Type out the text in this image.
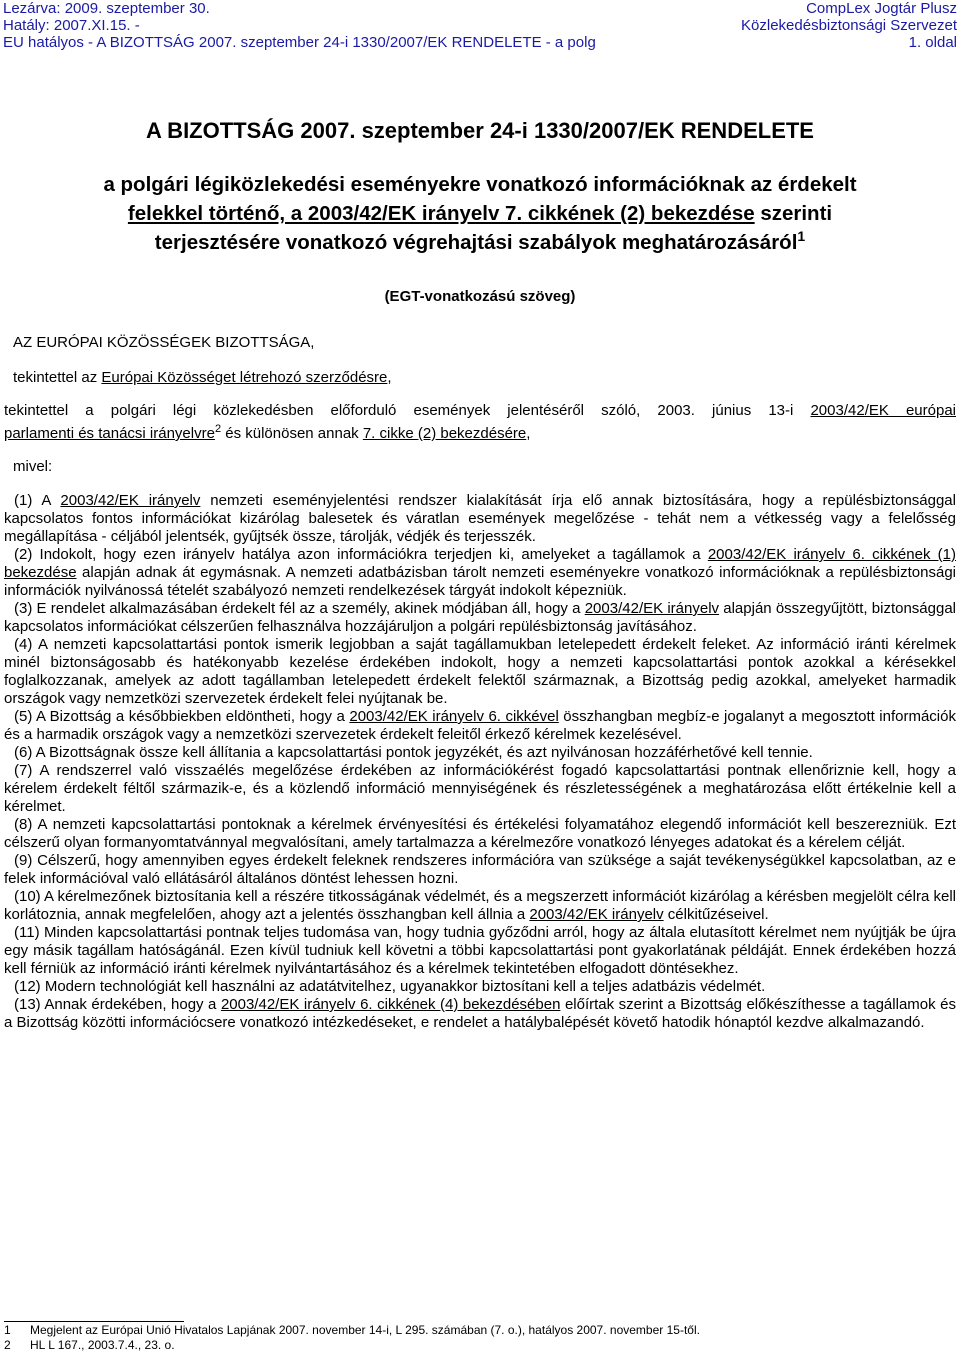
Lezárva: 2009. szeptember 30.
Hatály: 2007.XI.15. -
EU hatályos - A BIZOTTSÁG 2007. szeptember 24-i 1330/2007/EK RENDELETE - a polg
CompLex Jogtár Plusz
Közlekedésbiztonsági Szervezet
1. oldal
A BIZOTTSÁG 2007. szeptember 24-i 1330/2007/EK RENDELETE
a polgári légiközlekedési eseményekre vonatkozó információknak az érdekelt
felekkel történő, a 2003/42/EK irányelv 7. cikkének (2) bekezdése szerinti
terjesztésére vonatkozó végrehajtási szabályok meghatározásáról$^1$
(EGT-vonatkozású szöveg)
AZ EURÓPAI KÖZÖSSÉGEK BIZOTTSÁGA,
tekintettel az Európai Közösséget létrehozó szerződésre,
tekintettel a polgári légi közlekedésben előforduló események jelentéséről szóló, 2003. június 13-i 2003/42/EK európai
parlamenti és tanácsi irányelvre$^2$ és különösen annak 7. cikke (2) bekezdésére,
mivel:

(1) A 2003/42/EK irányelv nemzeti eseményjelentési rendszer kialakítását írja elő annak biztosítására, hogy a repülésbiztonsággal kapcsolatos fontos információkat kizárólag balesetek és váratlan események megelőzése - tehát nem a vétkesség vagy a felelősség megállapítása - céljából jelentsék, gyűjtsék össze, tárolják, védjék és terjesszék.

(2) Indokolt, hogy ezen irányelv hatálya azon információkra terjedjen ki, amelyeket a tagállamok a 2003/42/EK irányelv 6. cikkének (1) bekezdése alapján adnak át egymásnak. A nemzeti adatbázisban tárolt nemzeti eseményekre vonatkozó információknak a repülésbiztonsági információk nyilvánossá tételét szabályozó nemzeti rendelkezések tárgyát indokolt képezniük.

(3) E rendelet alkalmazásában érdekelt fél az a személy, akinek módjában áll, hogy a 2003/42/EK irányelv alapján összegyűjtött, biztonsággal kapcsolatos információkat célszerűen felhasználva hozzájáruljon a polgári repülésbiztonság javításához.

(4) A nemzeti kapcsolattartási pontok ismerik legjobban a saját tagállamukban letelepedett érdekelt feleket. Az információ iránti kérelmek minél biztonságosabb és hatékonyabb kezelése érdekében indokolt, hogy a nemzeti kapcsolattartási pontok azokkal a kérésekkel foglalkozzanak, amelyek az adott tagállamban letelepedett érdekelt felektől származnak, a Bizottság pedig azokkal, amelyeket harmadik országok vagy nemzetközi szervezetek érdekelt felei nyújtanak be.

(5) A Bizottság a későbbiekben eldöntheti, hogy a 2003/42/EK irányelv 6. cikkével összhangban megbíz-e jogalanyt a megosztott információk és a harmadik országok vagy a nemzetközi szervezetek érdekelt feleitől érkező kérelmek kezelésével.

(6) A Bizottságnak össze kell állítania a kapcsolattartási pontok jegyzékét, és azt nyilvánosan hozzáférhetővé kell tennie.

(7) A rendszerrel való visszaélés megelőzése érdekében az információkérést fogadó kapcsolattartási pontnak ellenőriznie kell, hogy a kérelem érdekelt féltől származik-e, és a közlendő információ mennyiségének és részletességének a meghatározása előtt értékelnie kell a kérelmet.

(8) A nemzeti kapcsolattartási pontoknak a kérelmek érvényesítési és értékelési folyamatához elegendő információt kell beszerezniük. Ezt célszerű olyan formanyomtatvánnyal megvalósítani, amely tartalmazza a kérelmezőre vonatkozó lényeges adatokat és a kérelem célját.

(9) Célszerű, hogy amennyiben egyes érdekelt feleknek rendszeres információra van szüksége a saját tevékenységükkel kapcsolatban, az e felek információval való ellátásáról általános döntést lehessen hozni.

(10) A kérelmezőnek biztosítania kell a részére titkosságának védelmét, és a megszerzett információt kizárólag a kérésben megjelölt célra kell korlátoznia, annak megfelelően, ahogy azt a jelentés összhangban kell állnia a 2003/42/EK irányelv célkitűzéseivel.

(11) Minden kapcsolattartási pontnak teljes tudomása van, hogy tudnia győződni arról, hogy az általa elutasított kérelmet nem nyújtják be újra egy másik tagállam hatóságánál. Ezen kívül tudniuk kell követni a többi kapcsolattartási pont gyakorlatának példáját. Ennek érdekében hozzá kell férniük az információ iránti kérelmek nyilvántartásához és a kérelmek tekintetében elfogadott döntésekhez.

(12) Modern technológiát kell használni az adatátvitelhez, ugyanakkor biztosítani kell a teljes adatbázis védelmét.

(13) Annak érdekében, hogy a 2003/42/EK irányelv 6. cikkének (4) bekezdésében előírtak szerint a Bizottság előkészíthesse a tagállamok és a Bizottság közötti információcsere vonatkozó intézkedéseket, e rendelet a hatálybalépését követő hatodik hónaptól kezdve alkalmazandó.

1 Megjelent az Európai Unió Hivatalos Lapjának 2007. november 14-i, L 295. számában (7. o.), hatályos 2007. november 15-től.
2 HL L 167., 2003.7.4., 23. o.
